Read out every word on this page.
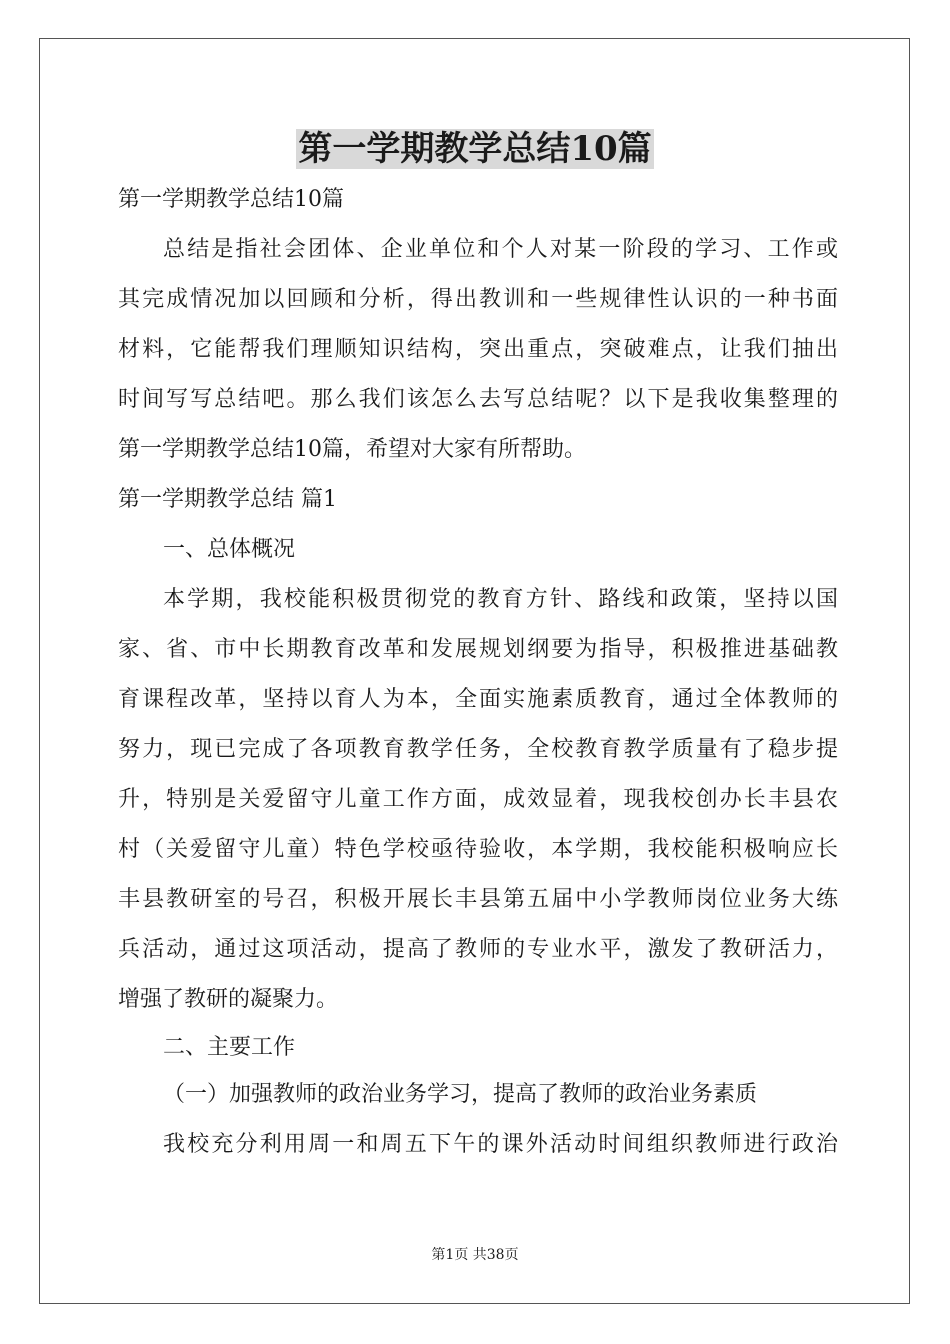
第一学期教学总结10篇
第一学期教学总结10篇
总结是指社会团体、企业单位和个人对某一阶段的学习、工作或
其完成情况加以回顾和分析，得出教训和一些规律性认识的一种书面
材料，它能帮我们理顺知识结构，突出重点，突破难点，让我们抽出
时间写写总结吧。那么我们该怎么去写总结呢？以下是我收集整理的
第一学期教学总结10篇，希望对大家有所帮助。
第一学期教学总结 篇1
一、总体概况
本学期，我校能积极贯彻党的教育方针、路线和政策，坚持以国
家、省、市中长期教育改革和发展规划纲要为指导，积极推进基础教
育课程改革，坚持以育人为本，全面实施素质教育，通过全体教师的
努力，现已完成了各项教育教学任务，全校教育教学质量有了稳步提
升，特别是关爱留守儿童工作方面，成效显着，现我校创办长丰县农
村（关爱留守儿童）特色学校亟待验收，本学期，我校能积极响应长
丰县教研室的号召，积极开展长丰县第五届中小学教师岗位业务大练
兵活动，通过这项活动，提高了教师的专业水平，激发了教研活力，
增强了教研的凝聚力。
二、主要工作
（一）加强教师的政治业务学习，提高了教师的政治业务素质
我校充分利用周一和周五下午的课外活动时间组织教师进行政治
第1页 共38页
